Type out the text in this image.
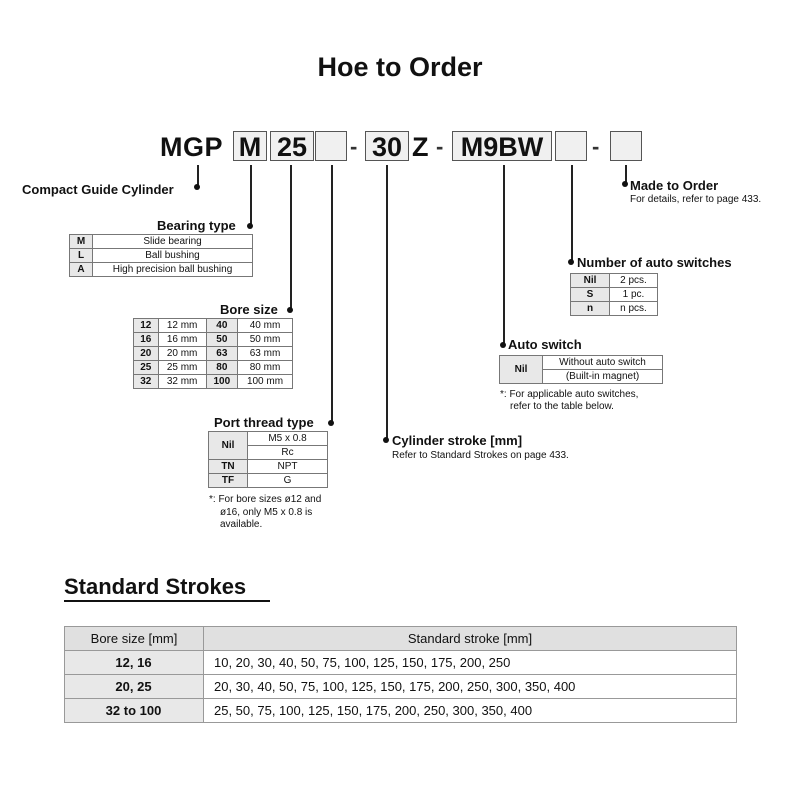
Hoe to Order
MGP M 25	- 30 Z - M9BW	-
Compact Guide Cylinder
Bearing type
M	Slide bearing
L	Ball bushing
A	High precision ball bushing
Bore size
12	12 mm	40	40 mm
16	16 mm	50	50 mm
20	20 mm	63	63 mm
25	25 mm	80	80 mm
32	32 mm	100	100 mm
Port thread type
Nil	M5 x 0.8
	Rc
TN	NPT
TF	G
*: For bore sizes ø12 and
ø16, only M5 x 0.8 is
available.
Cylinder stroke [mm]
Refer to Standard Strokes on page 433.
Auto switch
Nil	Without auto switch
(Built-in magnet)
*: For applicable auto switches,
refer to the table below.
Number of auto switches
Nil	2 pcs.
S	1 pc.
n	n pcs.
Made to Order
For details, refer to page 433.
Standard Strokes
Bore size [mm]	Standard stroke [mm]
12, 16	10, 20, 30, 40, 50, 75, 100, 125, 150, 175, 200, 250
20, 25	20, 30, 40, 50, 75, 100, 125, 150, 175, 200, 250, 300, 350, 400
32 to 100	25, 50, 75, 100, 125, 150, 175, 200, 250, 300, 350, 400
